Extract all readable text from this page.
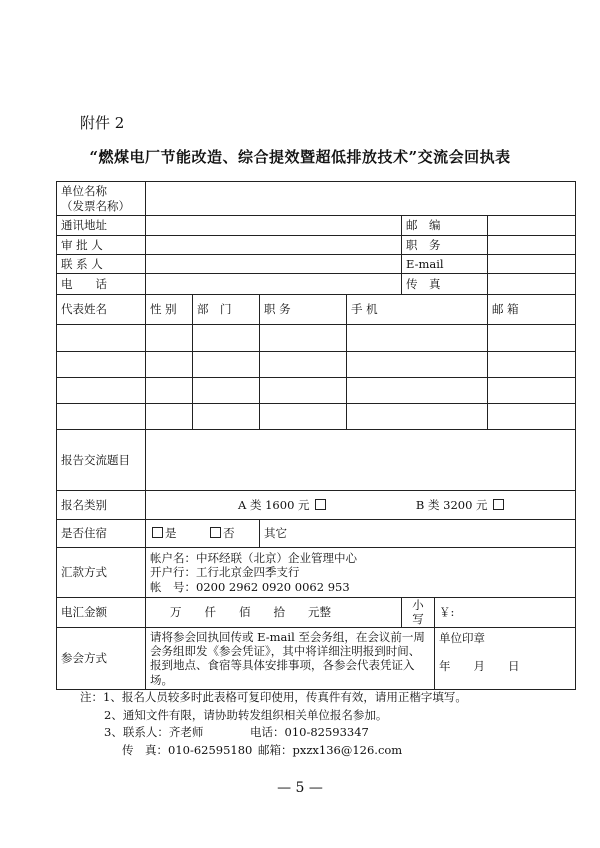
附件 2
“燃煤电厂节能改造、综合提效暨超低排放技术”交流会回执表
单位名称
（发票名称）							

通讯地址					邮　编		
审 批 人					职　务		
联 系 人					E-mail		
电　　话					传　真		
代表姓名	性 别	部　门	职 务	手 机			邮 箱

报告交流题目							
报名类别	A 类 1600 元 B 类 3200 元						
是否住宿	是 否		其它				
汇款方式	帐户名：中环经联（北京）企业管理中心
开户行：工行北京金四季支行
帐　号：0200 2962 0920 0062 953						

电汇金额	万　　仟　　佰　　拾　　元整				小 写	￥:	
参会方式	请将参会回执回传或 E-mail 至会务组，在会议前一周会务组即发《参会凭证》，其中将详细注明报到时间、报到地点、食宿等具体安排事项，各参会代表凭证入场。					单位印章
年　　月　　日	
注：1、报名人员较多时此表格可复印使用，传真件有效，请用正楷字填写。
2、通知文件有限，请协助转发组织相关单位报名参加。
3、联系人：齐老师	电话：010-82593347
传　真：010-62595180 邮箱：pxzx136@126.com
— 5 —
